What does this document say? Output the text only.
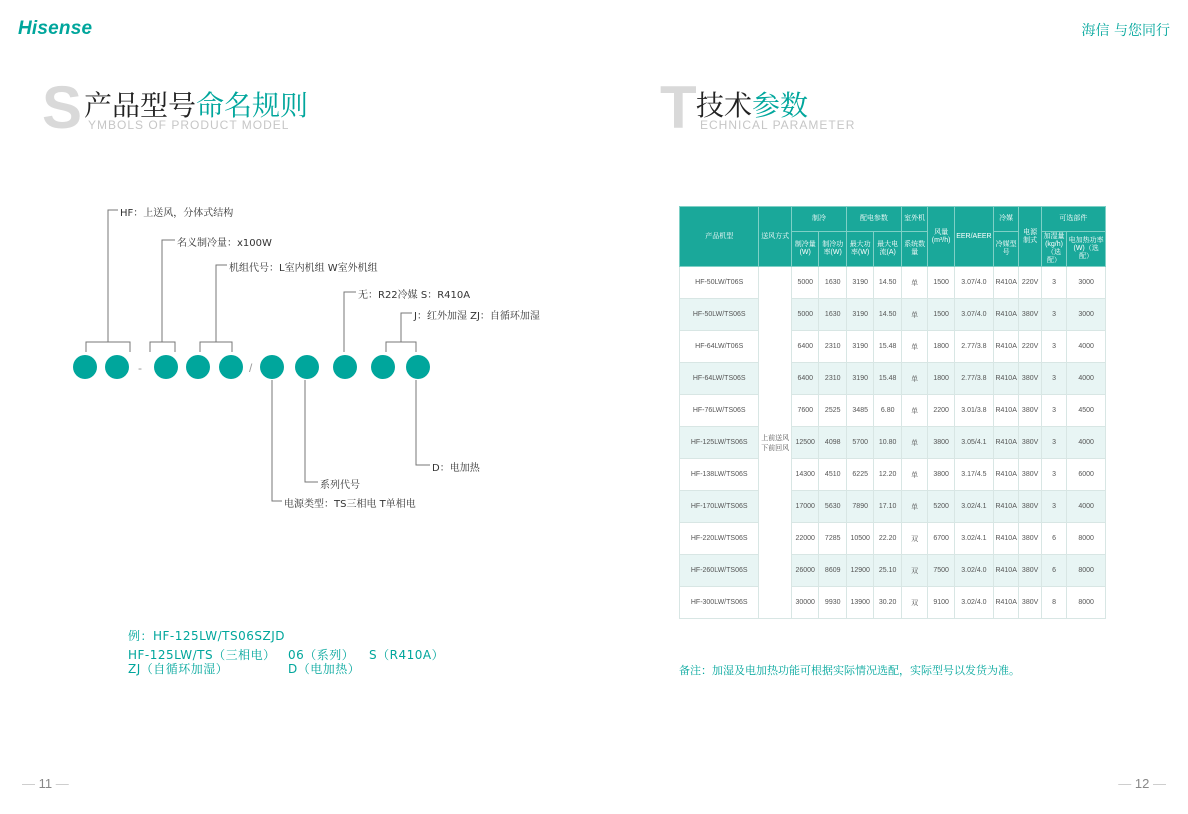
Hisense	海信 与您同行
S 产品型号命名规则
YMBOLS OF PRODUCT MODEL
-	/
HF：上送风，分体式结构
名义制冷量：x100W
机组代号：L室内机组 W室外机组
无：R22冷媒 S：R410A
J：红外加湿 ZJ：自循环加湿
D：电加热
系列代号
电源类型：TS三相电 T单相电
例：HF-125LW/TS06SZJD
HF-125LW/TS（三相电） 06（系列） S（R410A）
ZJ（自循环加湿）	D（电加热）
T 技术参数
ECHNICAL PARAMETER
产品机型	送风方式	制冷		配电参数		室外机	风量(m³/h)	EER/AEER	冷媒	电源制式	可选部件	
		制冷量(W)	制冷功率(W)	最大功率(W)	最大电流(A)	系统数量			冷媒型号		加湿量(kg/h)（选配）	电加热功率(W)（选配）
HF-50LW/T06S	上前送风下前回风	5000	1630	3190	14.50	单	1500	3.07/4.0	R410A	220V	3	3000
HF-50LW/TS06S		5000	1630	3190	14.50	单	1500	3.07/4.0	R410A	380V	3	3000
HF-64LW/T06S		6400	2310	3190	15.48	单	1800	2.77/3.8	R410A	220V	3	4000
HF-64LW/TS06S		6400	2310	3190	15.48	单	1800	2.77/3.8	R410A	380V	3	4000
HF-76LW/TS06S		7600	2525	3485	6.80	单	2200	3.01/3.8	R410A	380V	3	4500
HF-125LW/TS06S		12500	4098	5700	10.80	单	3800	3.05/4.1	R410A	380V	3	4000
HF-138LW/TS06S		14300	4510	6225	12.20	单	3800	3.17/4.5	R410A	380V	3	6000
HF-170LW/TS06S		17000	5630	7890	17.10	单	5200	3.02/4.1	R410A	380V	3	4000
HF-220LW/TS06S		22000	7285	10500	22.20	双	6700	3.02/4.1	R410A	380V	6	8000
HF-260LW/TS06S		26000	8609	12900	25.10	双	7500	3.02/4.0	R410A	380V	6	8000
HF-300LW/TS06S		30000	9930	13900	30.20	双	9100	3.02/4.0	R410A	380V	8	8000
备注：加湿及电加热功能可根据实际情况选配，实际型号以发货为准。
— 11 —	— 12 —
